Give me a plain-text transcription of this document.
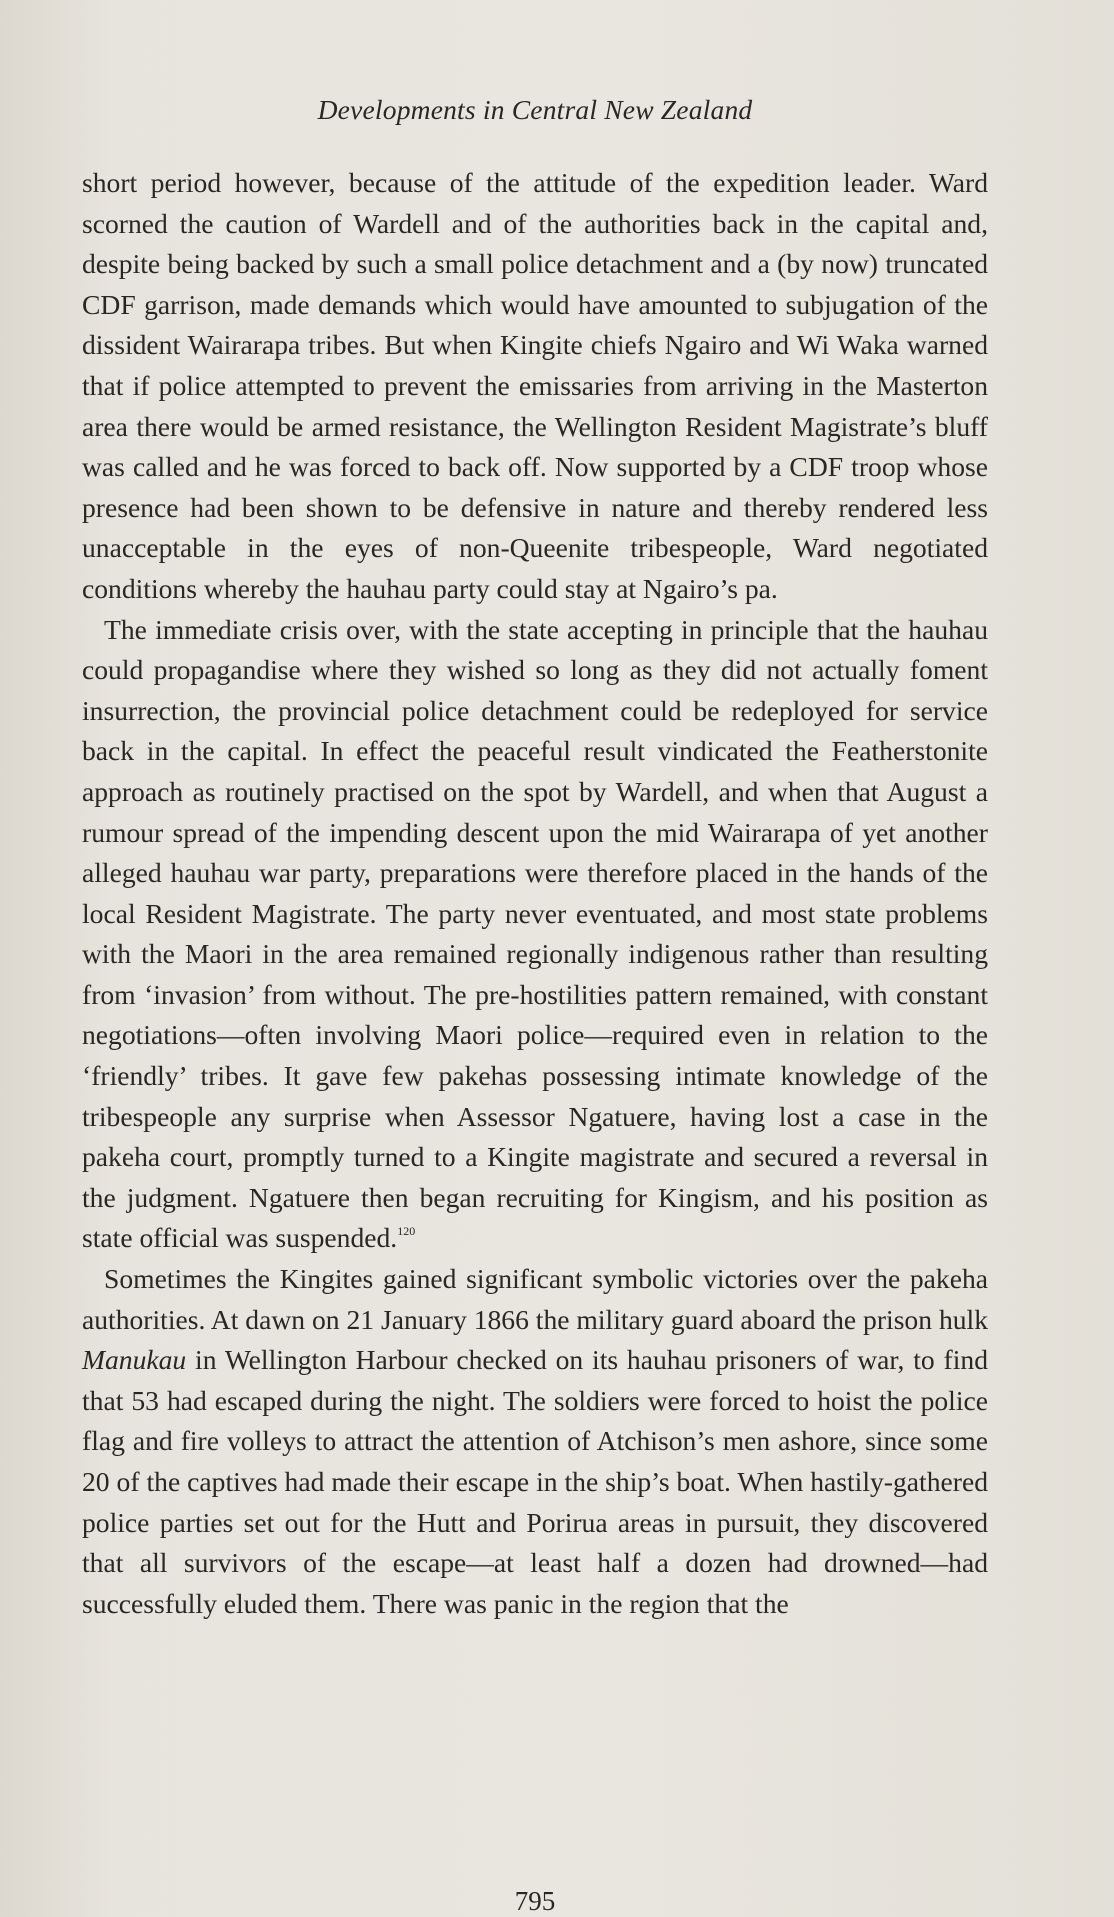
Developments in Central New Zealand

short period however, because of the attitude of the expedition leader. Ward scorned the caution of Wardell and of the authorities back in the capital and, despite being backed by such a small police detachment and a (by now) truncated CDF garrison, made demands which would have amounted to subjugation of the dissident Wairarapa tribes. But when Kingite chiefs Ngairo and Wi Waka warned that if police attempted to prevent the emissaries from arriving in the Masterton area there would be armed resistance, the Wellington Resident Magistrate’s bluff was called and he was forced to back off. Now supported by a CDF troop whose presence had been shown to be defensive in nature and thereby rendered less unacceptable in the eyes of non-Queenite tribespeople, Ward negotiated conditions whereby the hauhau party could stay at Ngairo’s pa.

The immediate crisis over, with the state accepting in principle that the hauhau could propagandise where they wished so long as they did not actually foment insurrection, the provincial police detachment could be redeployed for service back in the capital. In effect the peaceful result vindicated the Featherstonite approach as routinely practised on the spot by Wardell, and when that August a rumour spread of the impending descent upon the mid Wairarapa of yet another alleged hauhau war party, preparations were therefore placed in the hands of the local Resident Magistrate. The party never eventuated, and most state problems with the Maori in the area remained regionally indigenous rather than resulting from ‘invasion’ from without. The pre-hostilities pattern remained, with constant negotiations—often involving Maori police—required even in relation to the ‘friendly’ tribes. It gave few pakehas possessing intimate knowledge of the tribespeople any surprise when Assessor Ngatuere, having lost a case in the pakeha court, promptly turned to a Kingite magistrate and secured a reversal in the judgment. Ngatuere then began recruiting for Kingism, and his position as state official was suspended.$^{120}$

Sometimes the Kingites gained significant symbolic victories over the pakeha authorities. At dawn on 21 January 1866 the military guard aboard the prison hulk Manukau in Wellington Harbour checked on its hauhau prisoners of war, to find that 53 had escaped during the night. The soldiers were forced to hoist the police flag and fire volleys to attract the attention of Atchison’s men ashore, since some 20 of the captives had made their escape in the ship’s boat. When hastily-gathered police parties set out for the Hutt and Porirua areas in pursuit, they discovered that all survivors of the escape—at least half a dozen had drowned—had successfully eluded them. There was panic in the region that the

795
